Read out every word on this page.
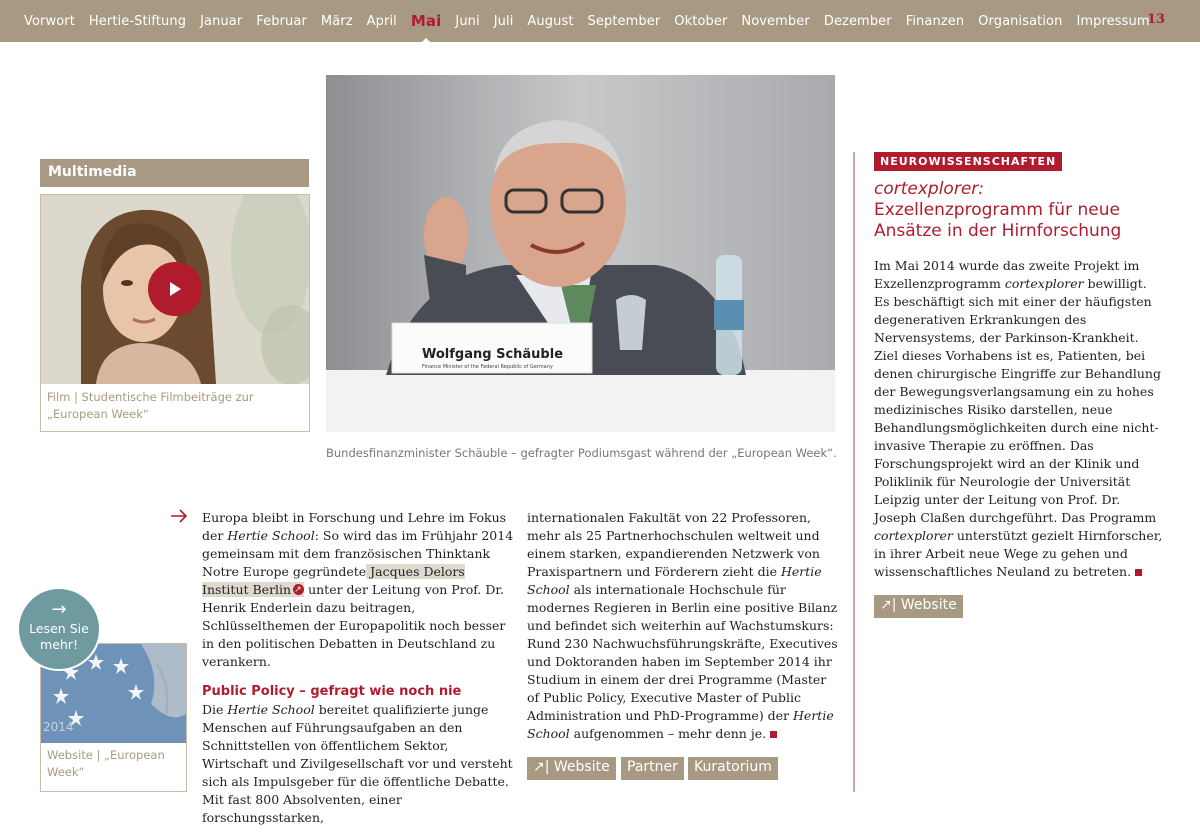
Vorwort Hertie-Stiftung Januar Februar März April Mai Juni Juli August September Oktober November Dezember Finanzen Organisation Impressum
13
Multimedia
Film | Studentische Filmbeiträge zur
„European Week“
Wolfgang Schäuble
Finance Minister of the Federal Republic of Germany
Bundesfinanzminister Schäuble – gefragter Podiumsgast während der „European Week“.

Europa bleibt in Forschung und Lehre im Fokus der Hertie School: So wird das im Frühjahr 2014 gemeinsam mit dem französischen Thinktank Notre Europe gegründete Jacques Delors Institut Berlin↗ unter der Leitung von Prof. Dr. Henrik Enderlein dazu beitragen, Schlüsselthemen der Europapolitik noch besser in den politischen Debatten in Deutschland zu verankern.

Public Policy – gefragt wie noch nie

Die Hertie School bereitet qualifizierte junge Menschen auf Führungsaufgaben an den Schnittstellen von öffentlichem Sektor, Wirtschaft und Zivilgesellschaft vor und versteht sich als Impulsgeber für die öffentliche Debatte. Mit fast 800 Absolventen, einer forschungsstarken,

internationalen Fakultät von 22 Professoren, mehr als 25 Partnerhochschulen weltweit und einem starken, expandierenden Netzwerk von Praxispartnern und Förderern zieht die Hertie School als internationale Hochschule für modernes Regieren in Berlin eine positive Bilanz und befindet sich weiterhin auf Wachstumskurs: Rund 230 Nachwuchsführungskräfte, Executives und Doktoranden haben im September 2014 ihr Studium in einem der drei Programme (Master of Public Policy, Executive Master of Public Administration und PhD-Programme) der Hertie School aufgenommen – mehr denn je.

↗| Website	Partner	Kuratorium
2014
Website | „European
Week“
→
Lesen Sie
mehr!
NEUROWISSENSCHAFTEN
cortexplorer:
Exzellenzprogramm für neue Ansätze in der Hirnforschung
Im Mai 2014 wurde das zweite Projekt im Exzellenzprogramm cortexplorer bewilligt. Es beschäftigt sich mit einer der häufigsten degenerativen Erkrankungen des Nervensystems, der Parkinson-Krankheit. Ziel dieses Vorhabens ist es, Patienten, bei denen chirurgische Eingriffe zur Behandlung der Bewegungsverlangsamung ein zu hohes medizinisches Risiko darstellen, neue Behandlungsmöglichkeiten durch eine nicht-invasive Therapie zu eröffnen. Das Forschungsprojekt wird an der Klinik und Poliklinik für Neurologie der Universität Leipzig unter der Leitung von Prof. Dr. Joseph Claßen durchgeführt. Das Programm cortexplorer unterstützt gezielt Hirnforscher, in ihrer Arbeit neue Wege zu gehen und wissenschaftliches Neuland zu betreten.
↗| Website
